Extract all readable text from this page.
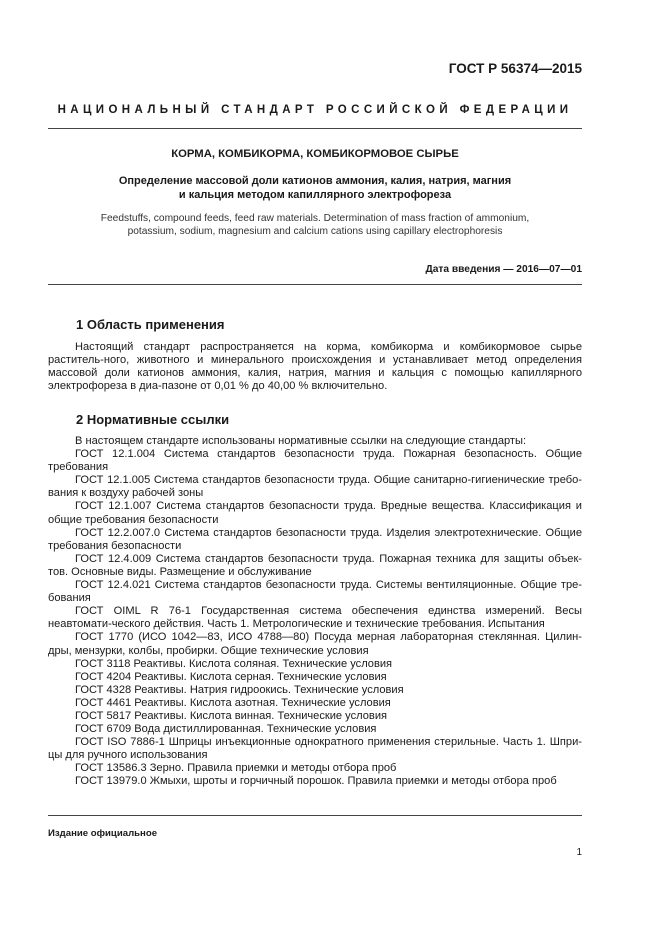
ГОСТ Р 56374—2015
НАЦИОНАЛЬНЫЙ СТАНДАРТ РОССИЙСКОЙ ФЕДЕРАЦИИ
КОРМА, КОМБИКОРМА, КОМБИКОРМОВОЕ СЫРЬЕ
Определение массовой доли катионов аммония, калия, натрия, магния
и кальция методом капиллярного электрофореза
Feedstuffs, compound feeds, feed raw materials. Determination of mass fraction of ammonium,
potassium, sodium, magnesium and calcium cations using capillary electrophoresis
Дата введения — 2016—07—01
1 Область применения

Настоящий стандарт распространяется на корма, комбикорма и комбикормовое сырье раститель-ного, животного и минерального происхождения и устанавливает метод определения массовой доли катионов аммония, калия, натрия, магния и кальция с помощью капиллярного электрофореза в диа-пазоне от 0,01 % до 40,00 % включительно.

2 Нормативные ссылки

В настоящем стандарте использованы нормативные ссылки на следующие стандарты:

ГОСТ 12.1.004 Система стандартов безопасности труда. Пожарная безопасность. Общие требования

ГОСТ 12.1.005 Система стандартов безопасности труда. Общие санитарно-гигиенические требо-вания к воздуху рабочей зоны

ГОСТ 12.1.007 Система стандартов безопасности труда. Вредные вещества. Классификация и общие требования безопасности

ГОСТ 12.2.007.0 Система стандартов безопасности труда. Изделия электротехнические. Общие требования безопасности

ГОСТ 12.4.009 Система стандартов безопасности труда. Пожарная техника для защиты объек-тов. Основные виды. Размещение и обслуживание

ГОСТ 12.4.021 Система стандартов безопасности труда. Системы вентиляционные. Общие тре-бования

ГОСТ OIML R 76-1 Государственная система обеспечения единства измерений. Весы неавтомати-ческого действия. Часть 1. Метрологические и технические требования. Испытания

ГОСТ 1770 (ИСО 1042—83, ИСО 4788—80) Посуда мерная лабораторная стеклянная. Цилин-дры, мензурки, колбы, пробирки. Общие технические условия

ГОСТ 3118 Реактивы. Кислота соляная. Технические условия

ГОСТ 4204 Реактивы. Кислота серная. Технические условия

ГОСТ 4328 Реактивы. Натрия гидроокись. Технические условия

ГОСТ 4461 Реактивы. Кислота азотная. Технические условия

ГОСТ 5817 Реактивы. Кислота винная. Технические условия

ГОСТ 6709 Вода дистиллированная. Технические условия

ГОСТ ISO 7886-1 Шприцы инъекционные однократного применения стерильные. Часть 1. Шпри-цы для ручного использования

ГОСТ 13586.3 Зерно. Правила приемки и методы отбора проб

ГОСТ 13979.0 Жмыхи, шроты и горчичный порошок. Правила приемки и методы отбора проб

Издание официальное
1
